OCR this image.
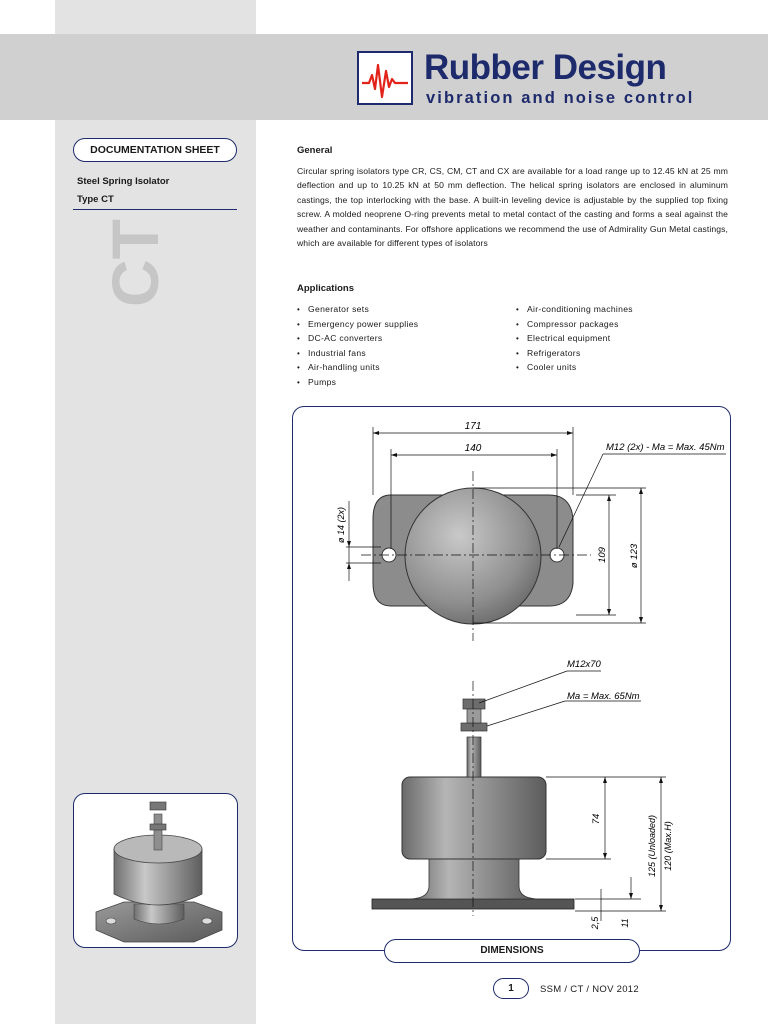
Rubber Design
vibration and noise control
DOCUMENTATION SHEET
Steel Spring Isolator
Type CT
CT
General
Circular spring isolators type CR, CS, CM, CT and CX are available for a load range up to 12.45 kN at 25 mm deflection and up to 10.25 kN at 50 mm deflection. The helical spring isolators are enclosed in aluminum castings, the top interlocking with the base. A built-in leveling device is adjustable by the supplied top fixing screw. A molded neoprene O-ring prevents metal to metal contact of the casting and forms a seal against the weather and contaminants. For offshore applications we recommend the use of Admirality Gun Metal castings, which are available for different types of isolators
Applications
• Generator sets
• Emergency power supplies
• DC-AC converters
• Industrial fans
• Air-handling units
• Pumps
• Air-conditioning machines
• Compressor packages
• Electrical equipment
• Refrigerators
• Cooler units
171
140	M12 (2x) - Ma = Max. 45Nm
ø 14 (2x)
109 ø 123
M12x70
Ma = Max. 65Nm
74	125 (Unloaded) 120 (Max.H)
2,5 11
DIMENSIONS
1	SSM / CT / NOV 2012
